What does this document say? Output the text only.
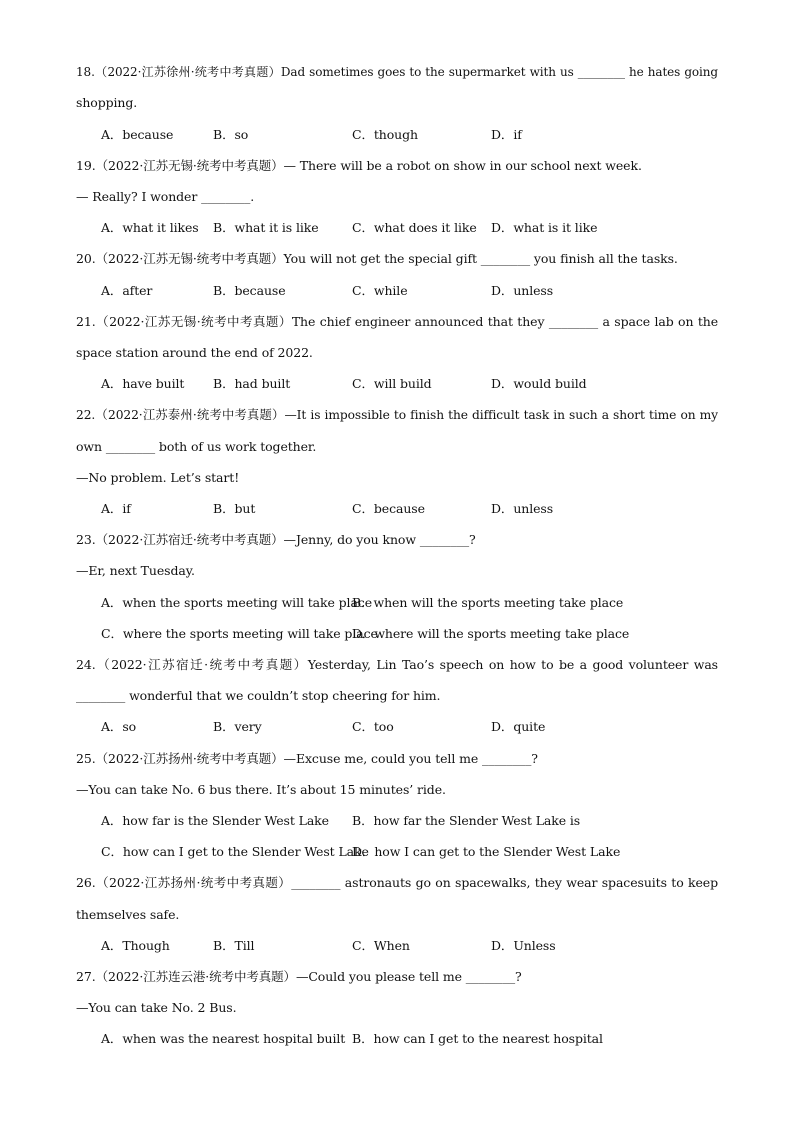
18.（2022·江苏徐州·统考中考真题）Dad sometimes goes to the supermarket with us ________ he hates going
shopping.
A．because	B．so	C．though	D．if
19.（2022·江苏无锡·统考中考真题）— There will be a robot on show in our school next week.
— Really? I wonder ________.
A．what it likes B．what it is like	C．what does it like D．what is it like
20.（2022·江苏无锡·统考中考真题）You will not get the special gift ________ you finish all the tasks.
A．after	B．because	C．while	D．unless
21.（2022·江苏无锡·统考中考真题）The chief engineer announced that they ________ a space lab on the
space station around the end of 2022.
A．have built B．had built	C．will build	D．would build
22.（2022·江苏泰州·统考中考真题）—It is impossible to finish the difficult task in such a short time on my
own ________ both of us work together.
—No problem. Let’s start!
A．if	B．but	C．because	D．unless
23.（2022·江苏宿迁·统考中考真题）—Jenny, do you know ________?
—Er, next Tuesday.
A．when the sports meeting will take place
B．when will the sports meeting take place
C．where the sports meeting will take place
D．where will the sports meeting take place
24.（2022·江苏宿迁·统考中考真题）Yesterday, Lin Tao’s speech on how to be a good volunteer was
________ wonderful that we couldn’t stop cheering for him.
A．so	B．very	C．too	D．quite
25.（2022·江苏扬州·统考中考真题）—Excuse me, could you tell me ________?
—You can take No. 6 bus there. It’s about 15 minutes’ ride.
A．how far is the Slender West Lake B．how far the Slender West Lake is
C．how can I get to the Slender West Lake
D．how I can get to the Slender West Lake
26.（2022·江苏扬州·统考中考真题）________ astronauts go on spacewalks, they wear spacesuits to keep
themselves safe.
A．Though	B．Till	C．When	D．Unless
27.（2022·江苏连云港·统考中考真题）—Could you please tell me ________?
—You can take No. 2 Bus.
A．when was the nearest hospital built B．how can I get to the nearest hospital
